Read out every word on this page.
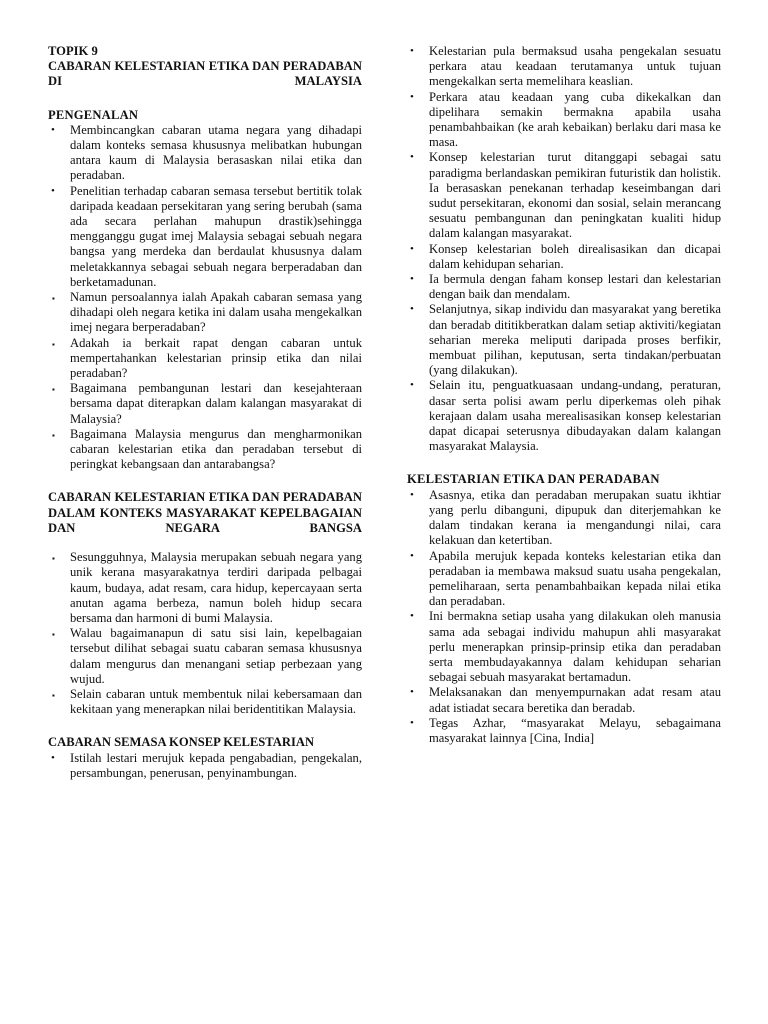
TOPIK 9
CABARAN KELESTARIAN ETIKA DAN PERADABAN DI MALAYSIA
PENGENALAN
• Membincangkan cabaran utama negara yang dihadapi dalam konteks semasa khususnya melibatkan hubungan antara kaum di Malaysia berasaskan nilai etika dan peradaban.
• Penelitian terhadap cabaran semasa tersebut bertitik tolak daripada keadaan persekitaran yang sering berubah (sama ada secara perlahan mahupun drastik)sehingga mengganggu gugat imej Malaysia sebagai sebuah negara bangsa yang merdeka dan berdaulat khususnya dalam meletakkannya sebagai sebuah negara berperadaban dan berketamadunan.
▪ Namun persoalannya ialah Apakah cabaran semasa yang dihadapi oleh negara ketika ini dalam usaha mengekalkan imej negara berperadaban?
▪ Adakah ia berkait rapat dengan cabaran untuk mempertahankan kelestarian prinsip etika dan nilai peradaban?
▪ Bagaimana pembangunan lestari dan kesejahteraan bersama dapat diterapkan dalam kalangan masyarakat di Malaysia?
▪ Bagaimana Malaysia mengurus dan mengharmonikan cabaran kelestarian etika dan peradaban tersebut di peringkat kebangsaan dan antarabangsa?
CABARAN KELESTARIAN ETIKA DAN PERADABAN DALAM KONTEKS MASYARAKAT KEPELBAGAIAN DAN NEGARA BANGSA
▪ Sesungguhnya, Malaysia merupakan sebuah negara yang unik kerana masyarakatnya terdiri daripada pelbagai kaum, budaya, adat resam, cara hidup, kepercayaan serta anutan agama berbeza, namun boleh hidup secara bersama dan harmoni di bumi Malaysia.
▪ Walau bagaimanapun di satu sisi lain, kepelbagaian tersebut dilihat sebagai suatu cabaran semasa khususnya dalam mengurus dan menangani setiap perbezaan yang wujud.
▪ Selain cabaran untuk membentuk nilai kebersamaan dan kekitaan yang menerapkan nilai beridentitikan Malaysia.
CABARAN SEMASA KONSEP KELESTARIAN
• Istilah lestari merujuk kepada pengabadian, pengekalan, persambungan, penerusan, penyinambungan.
• Kelestarian pula bermaksud usaha pengekalan sesuatu perkara atau keadaan terutamanya untuk tujuan mengekalkan serta memelihara keaslian.
• Perkara atau keadaan yang cuba dikekalkan dan dipelihara semakin bermakna apabila usaha penambahbaikan (ke arah kebaikan) berlaku dari masa ke masa.
• Konsep kelestarian turut ditanggapi sebagai satu paradigma berlandaskan pemikiran futuristik dan holistik. Ia berasaskan penekanan terhadap keseimbangan dari sudut persekitaran, ekonomi dan sosial, selain merancang sesuatu pembangunan dan peningkatan kualiti hidup dalam kalangan masyarakat.
• Konsep kelestarian boleh direalisasikan dan dicapai dalam kehidupan seharian.
• Ia bermula dengan faham konsep lestari dan kelestarian dengan baik dan mendalam.
• Selanjutnya, sikap individu dan masyarakat yang beretika dan beradab dititikberatkan dalam setiap aktiviti/kegiatan seharian mereka meliputi daripada proses berfikir, membuat pilihan, keputusan, serta tindakan/perbuatan (yang dilakukan).
• Selain itu, penguatkuasaan undang-undang, peraturan, dasar serta polisi awam perlu diperkemas oleh pihak kerajaan dalam usaha merealisasikan konsep kelestarian dapat dicapai seterusnya dibudayakan dalam kalangan masyarakat Malaysia.
KELESTARIAN ETIKA DAN PERADABAN
• Asasnya, etika dan peradaban merupakan suatu ikhtiar yang perlu dibanguni, dipupuk dan diterjemahkan ke dalam tindakan kerana ia mengandungi nilai, cara kelakuan dan ketertiban.
• Apabila merujuk kepada konteks kelestarian etika dan peradaban ia membawa maksud suatu usaha pengekalan, pemeliharaan, serta penambahbaikan kepada nilai etika dan peradaban.
• Ini bermakna setiap usaha yang dilakukan oleh manusia sama ada sebagai individu mahupun ahli masyarakat perlu menerapkan prinsip-prinsip etika dan peradaban serta membudayakannya dalam kehidupan seharian sebagai sebuah masyarakat bertamadun.
• Melaksanakan dan menyempurnakan adat resam atau adat istiadat secara beretika dan beradab.
• Tegas Azhar, “masyarakat Melayu, sebagaimana masyarakat lainnya [Cina, India]
